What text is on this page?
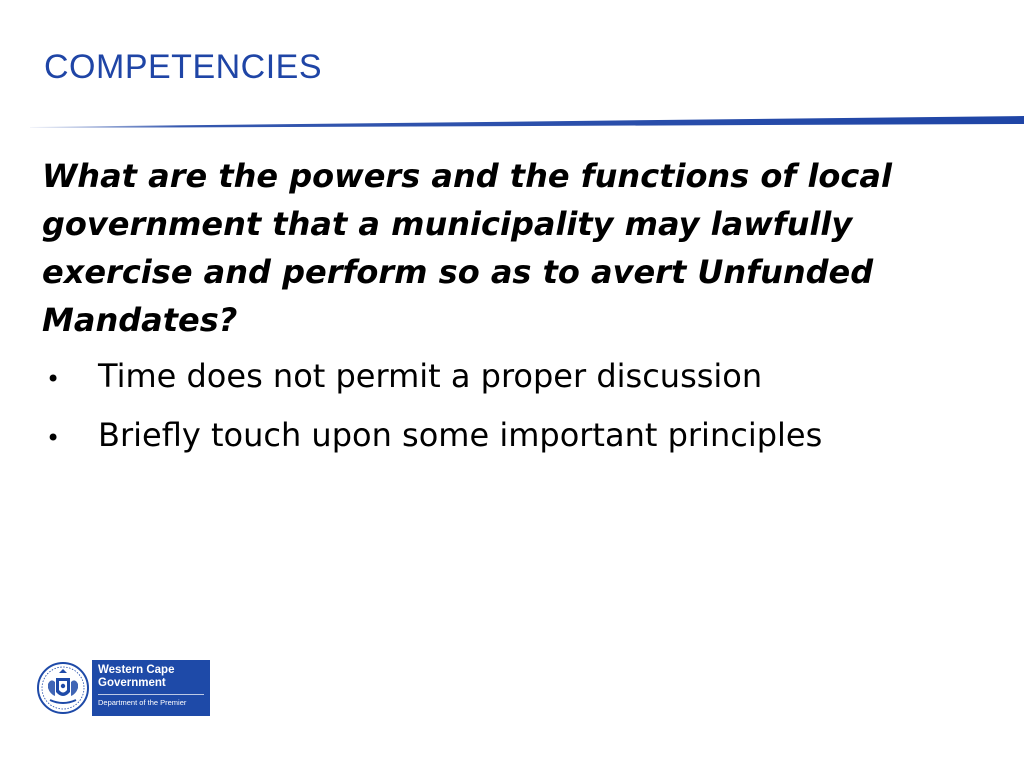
COMPETENCIES

What are the powers and the functions of local government that a municipality may lawfully exercise and perform so as to avert Unfunded Mandates?

•	Time does not permit a proper discussion
•	Briefly touch upon some important principles
Western Cape
Government
Department of the Premier
